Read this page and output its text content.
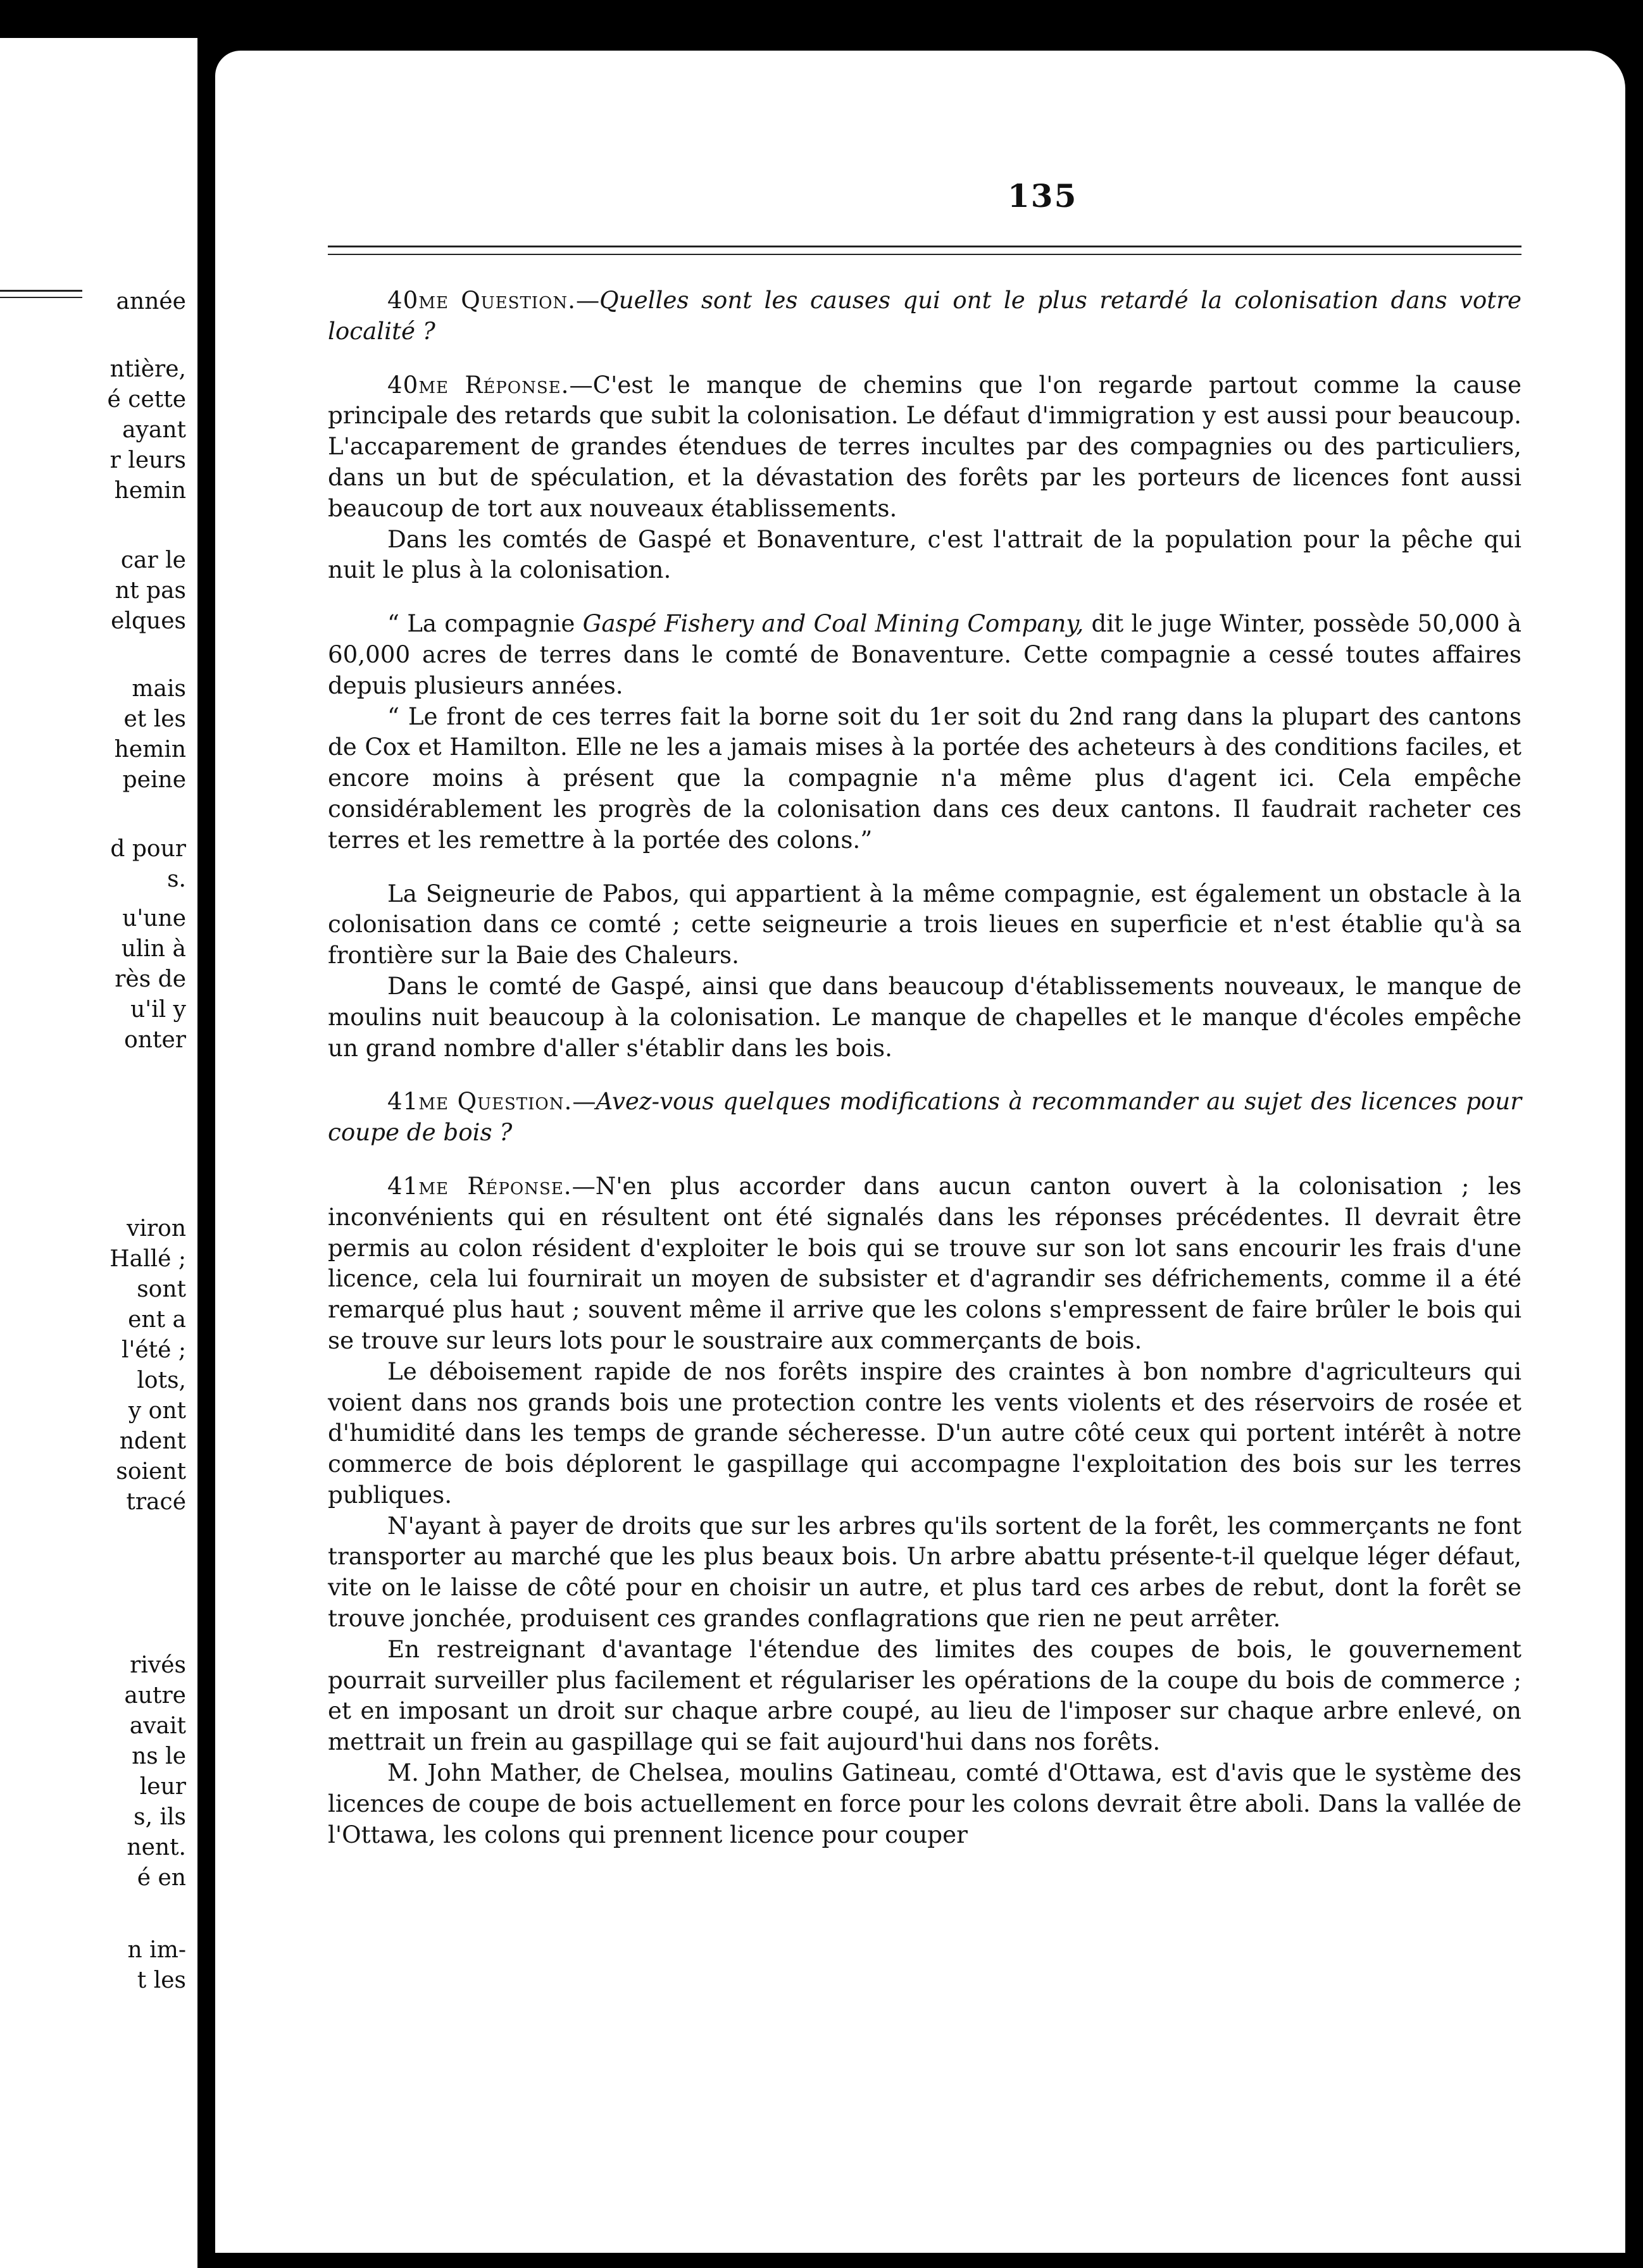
année
ntière,
é cette
ayant
r leurs
hemin
car le
nt pas
elques
mais
et les
hemin
peine
d pour
s.
u'une
ulin à
rès de
u'il y
onter
viron
Hallé ;
sont
ent a
l'été ;
lots,
y ont
ndent
soient
tracé
rivés
autre
avait
ns le
leur
s, ils
nent.
é en
n im-
t les
135

40me Question.—Quelles sont les causes qui ont le plus retardé la colonisation dans votre localité ?

40me Réponse.—C'est le manque de chemins que l'on regarde partout comme la cause principale des retards que subit la colonisation. Le défaut d'immigration y est aussi pour beaucoup. L'accaparement de grandes étendues de terres incultes par des compagnies ou des particuliers, dans un but de spéculation, et la dévastation des forêts par les porteurs de licences font aussi beaucoup de tort aux nouveaux établissements.

Dans les comtés de Gaspé et Bonaventure, c'est l'attrait de la population pour la pêche qui nuit le plus à la colonisation.

“ La compagnie Gaspé Fishery and Coal Mining Company, dit le juge Winter, possède 50,000 à 60,000 acres de terres dans le comté de Bonaventure. Cette compagnie a cessé toutes affaires depuis plusieurs années.

“ Le front de ces terres fait la borne soit du 1er soit du 2nd rang dans la plupart des cantons de Cox et Hamilton. Elle ne les a jamais mises à la portée des acheteurs à des conditions faciles, et encore moins à présent que la compagnie n'a même plus d'agent ici. Cela empêche considérablement les progrès de la colonisation dans ces deux cantons. Il faudrait racheter ces terres et les remettre à la portée des colons.”

La Seigneurie de Pabos, qui appartient à la même compagnie, est également un obstacle à la colonisation dans ce comté ; cette seigneurie a trois lieues en superficie et n'est établie qu'à sa frontière sur la Baie des Chaleurs.

Dans le comté de Gaspé, ainsi que dans beaucoup d'établissements nouveaux, le manque de moulins nuit beaucoup à la colonisation. Le manque de chapelles et le manque d'écoles empêche un grand nombre d'aller s'établir dans les bois.

41me Question.—Avez-vous quelques modifications à recommander au sujet des licences pour coupe de bois ?

41me Réponse.—N'en plus accorder dans aucun canton ouvert à la colonisation ; les inconvénients qui en résultent ont été signalés dans les réponses précédentes. Il devrait être permis au colon résident d'exploiter le bois qui se trouve sur son lot sans encourir les frais d'une licence, cela lui fournirait un moyen de subsister et d'agrandir ses défrichements, comme il a été remarqué plus haut ; souvent même il arrive que les colons s'empressent de faire brûler le bois qui se trouve sur leurs lots pour le soustraire aux commerçants de bois.

Le déboisement rapide de nos forêts inspire des craintes à bon nombre d'agriculteurs qui voient dans nos grands bois une protection contre les vents violents et des réservoirs de rosée et d'humidité dans les temps de grande sécheresse. D'un autre côté ceux qui portent intérêt à notre commerce de bois déplorent le gaspillage qui accompagne l'exploitation des bois sur les terres publiques.

N'ayant à payer de droits que sur les arbres qu'ils sortent de la forêt, les commerçants ne font transporter au marché que les plus beaux bois. Un arbre abattu présente-t-il quelque léger défaut, vite on le laisse de côté pour en choisir un autre, et plus tard ces arbes de rebut, dont la forêt se trouve jonchée, produisent ces grandes conflagrations que rien ne peut arrêter.

En restreignant d'avantage l'étendue des limites des coupes de bois, le gouvernement pourrait surveiller plus facilement et régulariser les opérations de la coupe du bois de commerce ; et en imposant un droit sur chaque arbre coupé, au lieu de l'imposer sur chaque arbre enlevé, on mettrait un frein au gaspillage qui se fait aujourd'hui dans nos forêts.

M. John Mather, de Chelsea, moulins Gatineau, comté d'Ottawa, est d'avis que le système des licences de coupe de bois actuellement en force pour les colons devrait être aboli. Dans la vallée de l'Ottawa, les colons qui prennent licence pour couper
